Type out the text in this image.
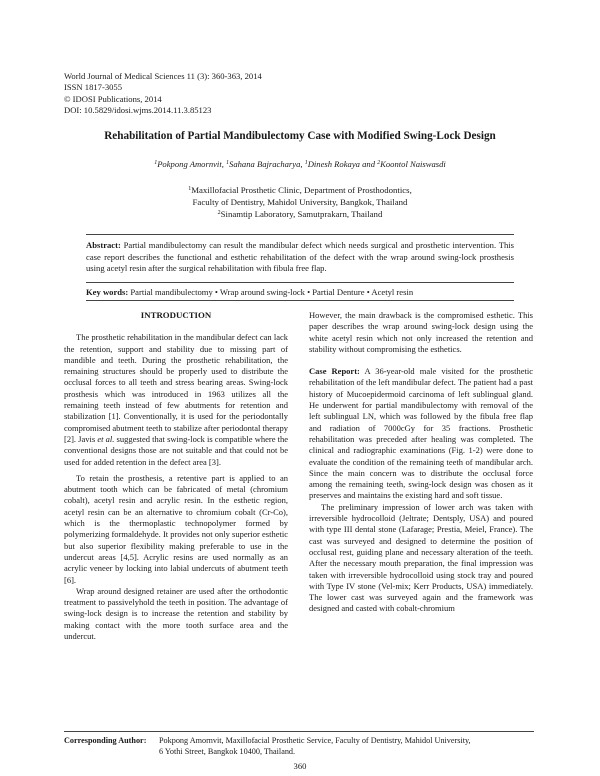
World Journal of Medical Sciences 11 (3): 360-363, 2014
ISSN 1817-3055
© IDOSI Publications, 2014
DOI: 10.5829/idosi.wjms.2014.11.3.85123
Rehabilitation of Partial Mandibulectomy Case with Modified Swing-Lock Design
$^1$Pokpong Amornvit, $^1$Sahana Bajracharya, $^1$Dinesh Rokaya and $^2$Koontol Naiswasdi
$^1$Maxillofacial Prosthetic Clinic, Department of Prosthodontics,
Faculty of Dentistry, Mahidol University, Bangkok, Thailand
$^2$Sinamtip Laboratory, Samutprakarn, Thailand
Abstract: Partial mandibulectomy can result the mandibular defect which needs surgical and prosthetic intervention. This case report describes the functional and esthetic rehabilitation of the defect with the wrap around swing-lock prosthesis using acetyl resin after the surgical rehabilitation with fibula free flap.
Key words: Partial mandibulectomy • Wrap around swing-lock • Partial Denture • Acetyl resin
INTRODUCTION

The prosthetic rehabilitation in the mandibular defect can lack the retention, support and stability due to missing part of mandible and teeth. During the prosthetic rehabilitation, the remaining structures should be properly used to distribute the occlusal forces to all teeth and stress bearing areas. Swing-lock prosthesis which was introduced in 1963 utilizes all the remaining teeth instead of few abutments for retention and stabilization [1]. Conventionally, it is used for the periodontally compromised abutment teeth to stabilize after periodontal therapy [2]. Javis et al. suggested that swing-lock is compatible where the conventional designs those are not suitable and that could not be used for added retention in the defect area [3].

To retain the prosthesis, a retentive part is applied to an abutment tooth which can be fabricated of metal (chromium cobalt), acetyl resin and acrylic resin. In the esthetic region, acetyl resin can be an alternative to chromium cobalt (Cr-Co), which is the thermoplastic technopolymer formed by polymerizing formaldehyde. It provides not only superior esthetic but also superior flexibility making preferable to use in the undercut areas [4,5]. Acrylic resins are used normally as an acrylic veneer by locking into labial undercuts of abutment teeth [6].

Wrap around designed retainer are used after the orthodontic treatment to passivelyhold the teeth in position. The advantage of swing-lock design is to increase the retention and stability by making contact with the more tooth surface area and the undercut.

However, the main drawback is the compromised esthetic. This paper describes the wrap around swing-lock design using the white acetyl resin which not only increased the retention and stability without compromising the esthetics.

Case Report: A 36-year-old male visited for the prosthetic rehabilitation of the left mandibular defect. The patient had a past history of Mucoepidermoid carcinoma of left sublingual gland. He underwent for partial mandibulectomy with removal of the left sublingual LN, which was followed by the fibula free flap and radiation of 7000cGy for 35 fractions. Prosthetic rehabilitation was preceded after healing was completed. The clinical and radiographic examinations (Fig. 1-2) were done to evaluate the condition of the remaining teeth of mandibular arch. Since the main concern was to distribute the occlusal force among the remaining teeth, swing-lock design was chosen as it preserves and maintains the existing hard and soft tissue.

The preliminary impression of lower arch was taken with irreversible hydrocolloid (Jeltrate; Dentsply, USA) and poured with type III dental stone (Lafarage; Prestia, Meiel, France). The cast was surveyed and designed to determine the position of occlusal rest, guiding plane and necessary alteration of the teeth. After the necessary mouth preparation, the final impression was taken with irreversible hydrocolloid using stock tray and poured with Type IV stone (Vel-mix; Kerr Products, USA) immediately. The lower cast was surveyed again and the framework was designed and casted with cobalt-chromium

Corresponding Author: Pokpong Amornvit, Maxillofacial Prosthetic Service, Faculty of Dentistry, Mahidol University,
6 Yothi Street, Bangkok 10400, Thailand.
360
